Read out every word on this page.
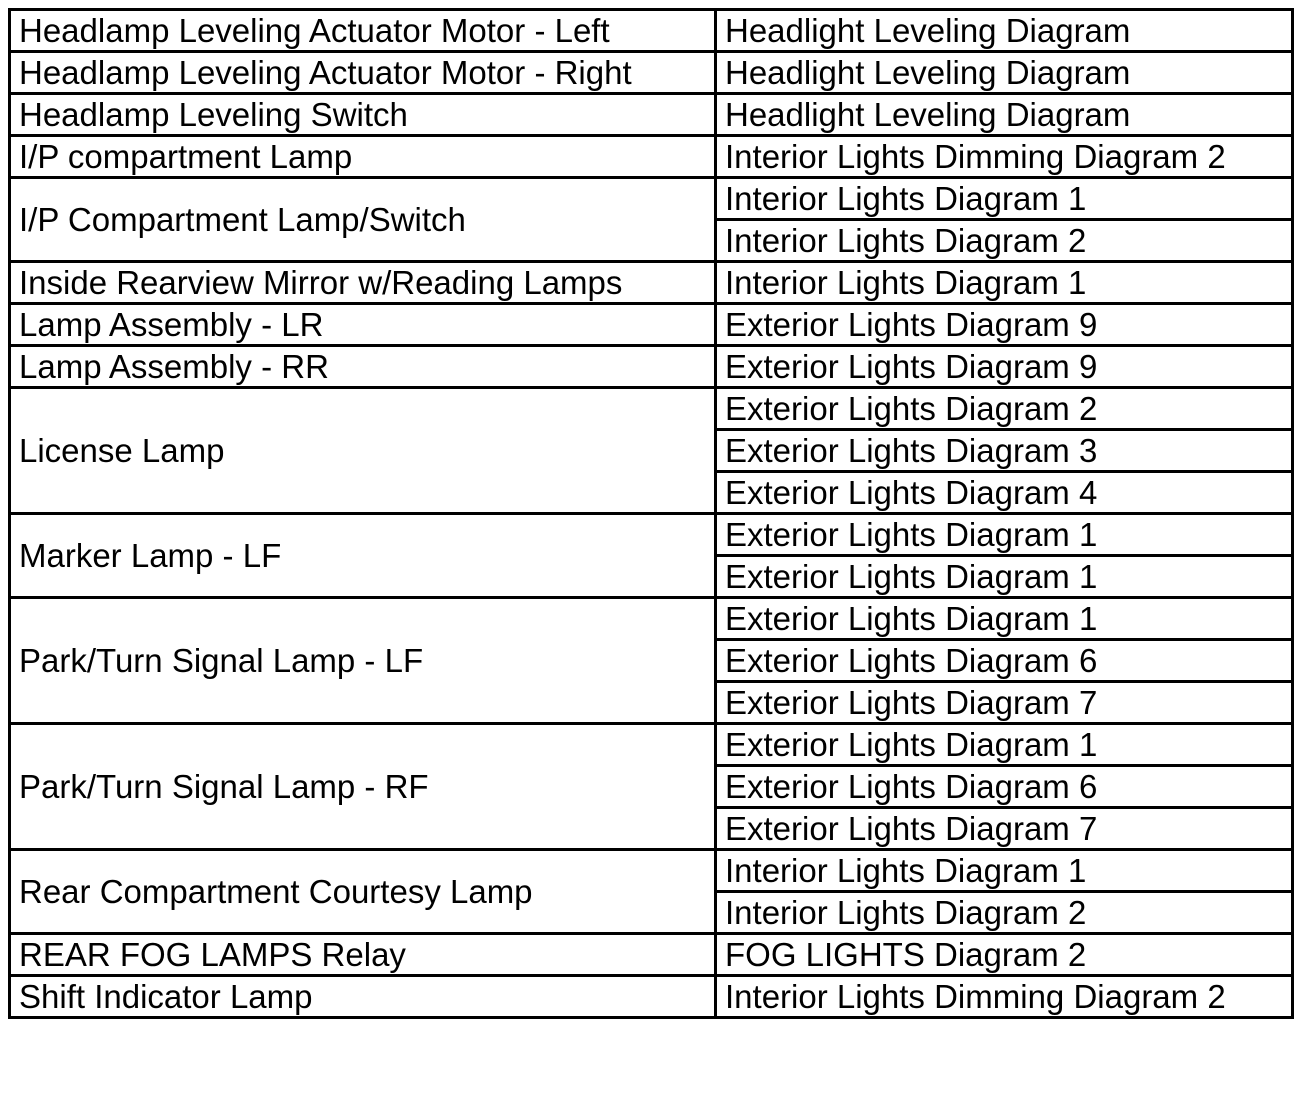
Headlamp Leveling Actuator Motor - Left	Headlight Leveling Diagram
Headlamp Leveling Actuator Motor - Right	Headlight Leveling Diagram
Headlamp Leveling Switch	Headlight Leveling Diagram
I/P compartment Lamp	Interior Lights Dimming Diagram 2
I/P Compartment Lamp/Switch	Interior Lights Diagram 1
	Interior Lights Diagram 2
Inside Rearview Mirror w/Reading Lamps	Interior Lights Diagram 1
Lamp Assembly - LR	Exterior Lights Diagram 9
Lamp Assembly - RR	Exterior Lights Diagram 9
License Lamp	Exterior Lights Diagram 2
	Exterior Lights Diagram 3
	Exterior Lights Diagram 4
Marker Lamp - LF	Exterior Lights Diagram 1
	Exterior Lights Diagram 1
Park/Turn Signal Lamp - LF	Exterior Lights Diagram 1
	Exterior Lights Diagram 6
	Exterior Lights Diagram 7
Park/Turn Signal Lamp - RF	Exterior Lights Diagram 1
	Exterior Lights Diagram 6
	Exterior Lights Diagram 7
Rear Compartment Courtesy Lamp	Interior Lights Diagram 1
	Interior Lights Diagram 2
REAR FOG LAMPS Relay	FOG LIGHTS Diagram 2
Shift Indicator Lamp	Interior Lights Dimming Diagram 2
